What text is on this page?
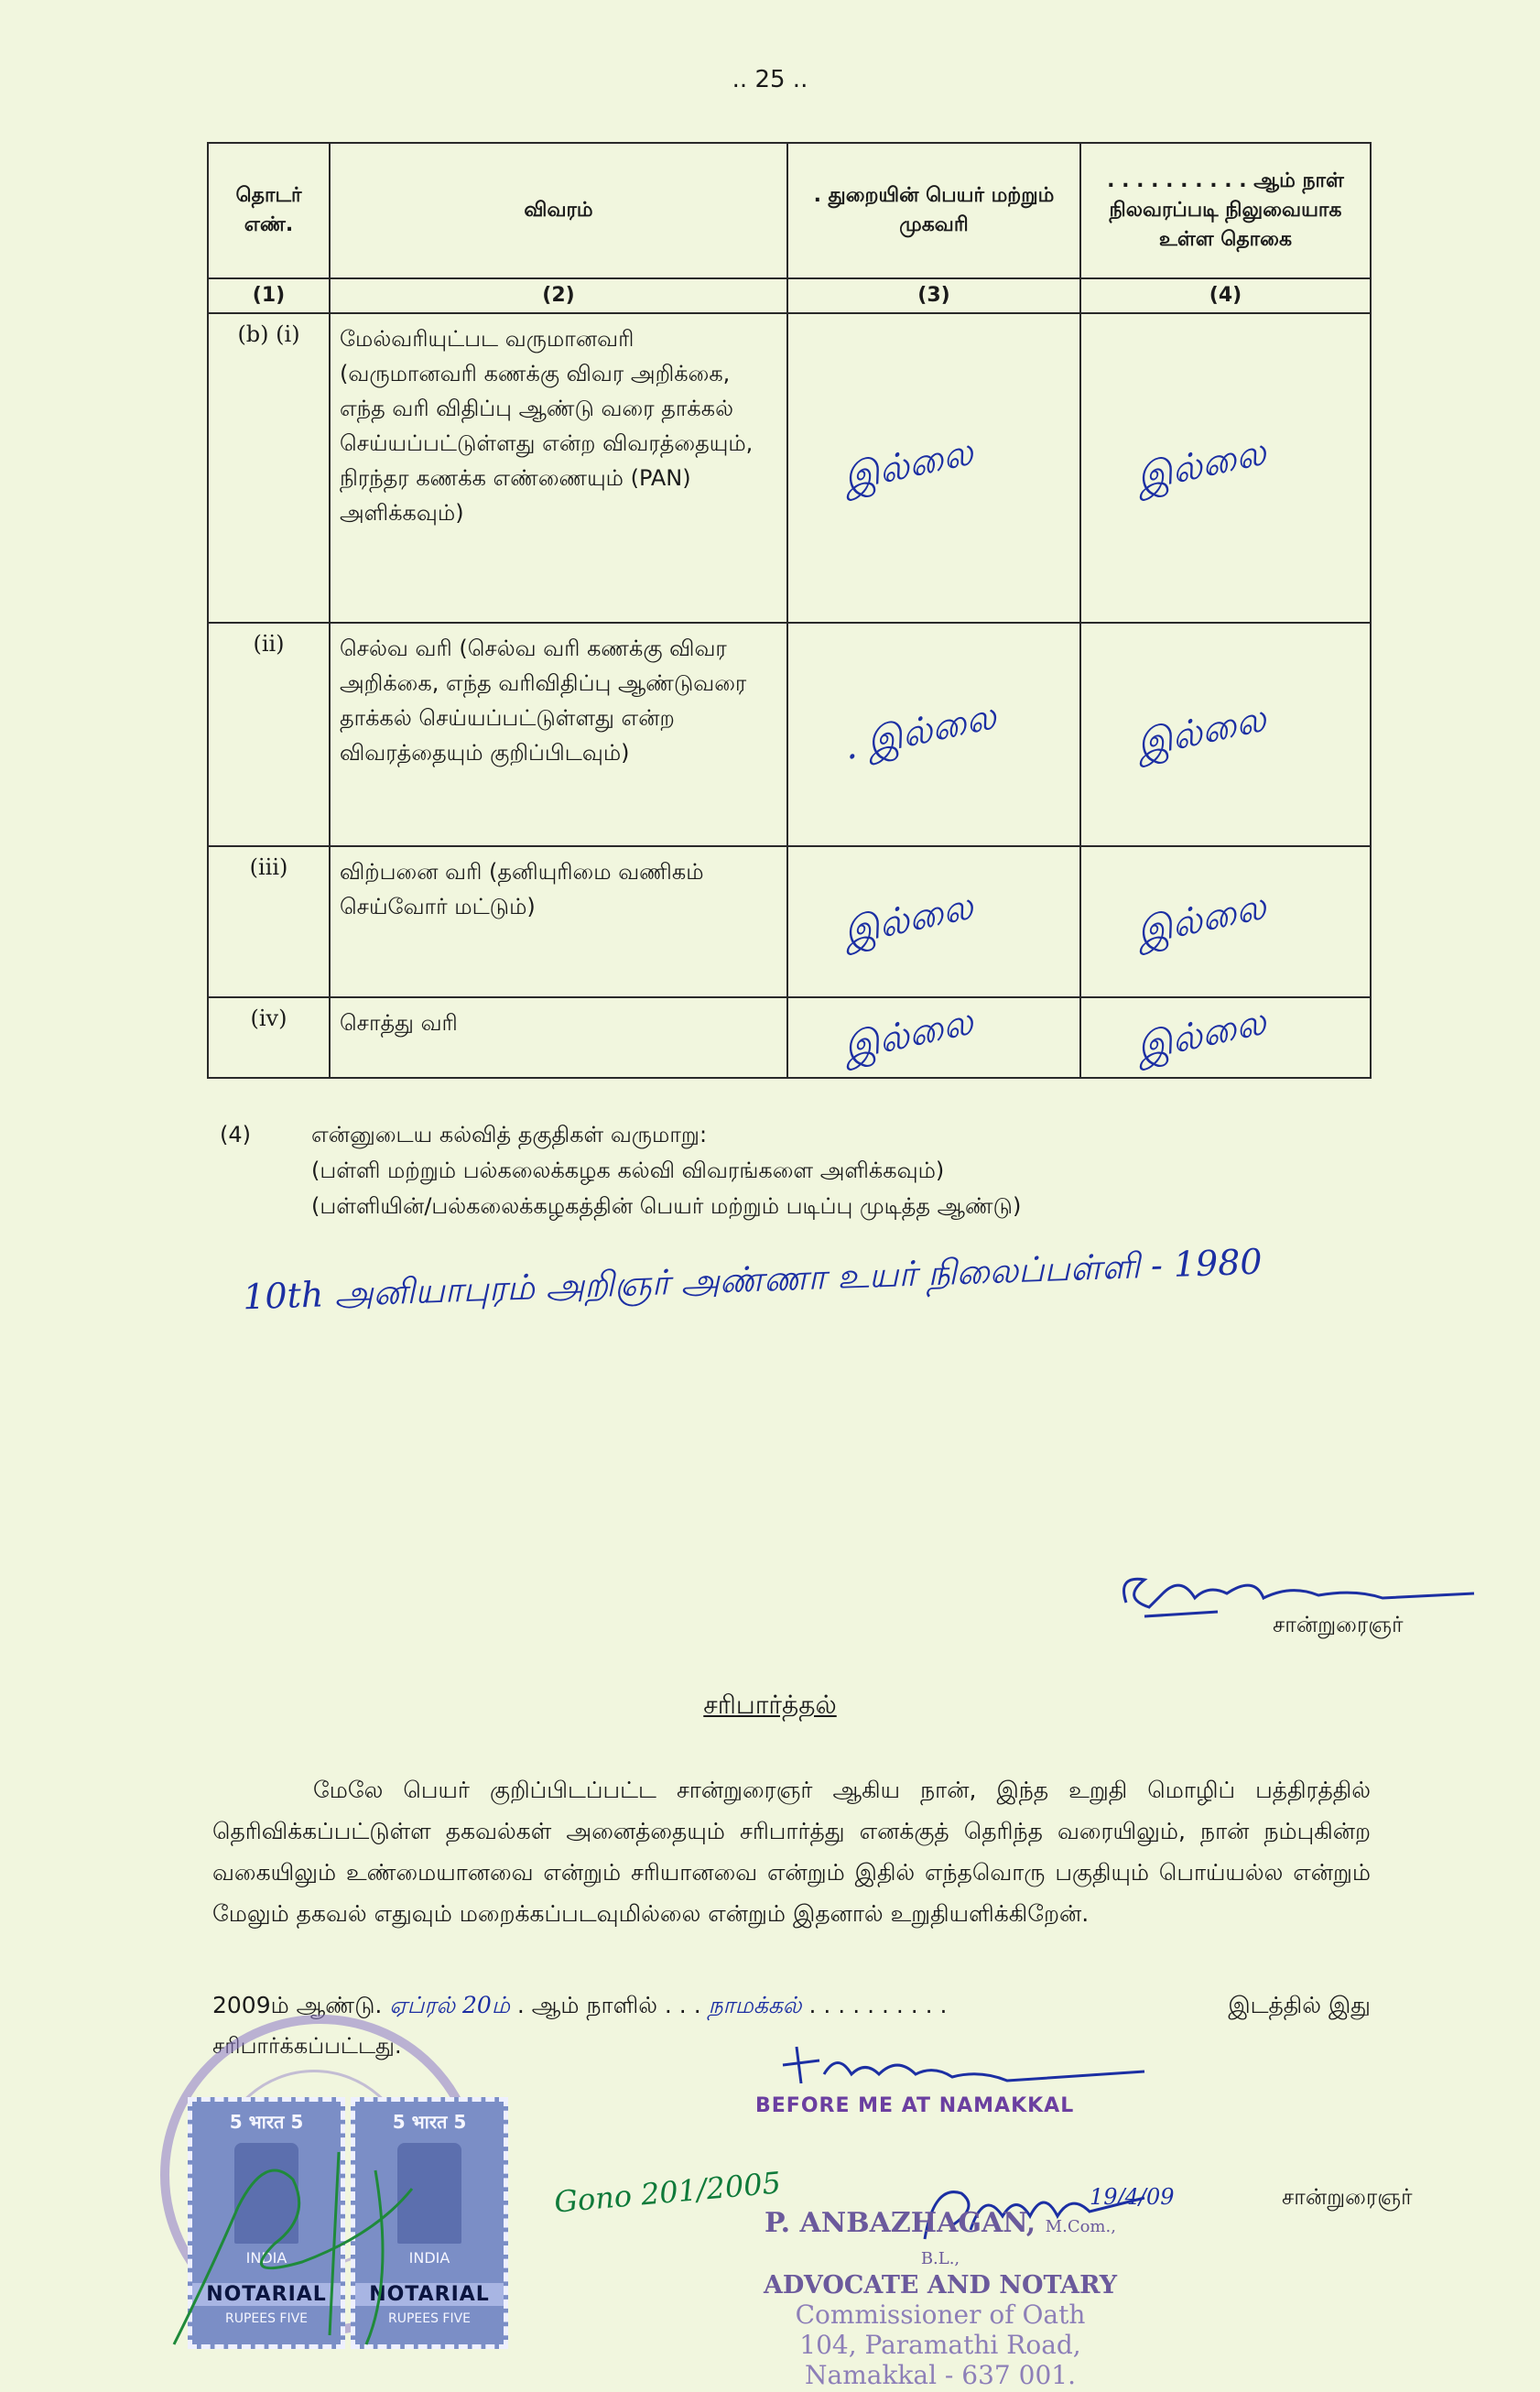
.. 25 ..
தொடர் எண்.	விவரம்	. துறையின் பெயர் மற்றும் முகவரி	. . . . . . . . . . ஆம் நாள் நிலவரப்படி நிலுவையாக உள்ள தொகை
(1)	(2)	(3)	(4)
(b) (i)	மேல்வரியுட்பட வருமானவரி (வருமானவரி கணக்கு விவர அறிக்கை, எந்த வரி விதிப்பு ஆண்டு வரை தாக்கல் செய்யப்பட்டுள்ளது என்ற விவரத்தையும், நிரந்தர கணக்க எண்ணையும் (PAN) அளிக்கவும்)	இல்லை	இல்லை

(ii)	செல்வ வரி (செல்வ வரி கணக்கு விவர அறிக்கை, எந்த வரிவிதிப்பு ஆண்டுவரை தாக்கல் செய்யப்பட்டுள்ளது என்ற விவரத்தையும் குறிப்பிடவும்)	. இல்லை	இல்லை

(iii)	விற்பனை வரி (தனியுரிமை வணிகம் செய்வோர் மட்டும்)	இல்லை	இல்லை

(iv)	சொத்து வரி	இல்லை	இல்லை
(4)	என்னுடைய கல்வித் தகுதிகள் வருமாறு:
(பள்ளி மற்றும் பல்கலைக்கழக கல்வி விவரங்களை அளிக்கவும்)
(பள்ளியின்/பல்கலைக்கழகத்தின் பெயர் மற்றும் படிப்பு முடித்த ஆண்டு)
10th அனியாபுரம் அறிஞர் அண்ணா உயர் நிலைப்பள்ளி - 1980
சான்றுரைஞர்
சரிபார்த்தல்
மேலே பெயர் குறிப்பிடப்பட்ட சான்றுரைஞர் ஆகிய நான், இந்த உறுதி மொழிப் பத்திரத்தில் தெரிவிக்கப்பட்டுள்ள தகவல்கள் அனைத்தையும் சரிபார்த்து எனக்குத் தெரிந்த வரையிலும், நான் நம்புகின்ற வகையிலும் உண்மையானவை என்றும் சரியானவை என்றும் இதில் எந்தவொரு பகுதியும் பொய்யல்ல என்றும் மேலும் தகவல் எதுவும் மறைக்கப்படவுமில்லை என்றும் இதனால் உறுதியளிக்கிறேன்.
2009ம் ஆண்டு. ஏப்ரல் 20ம் . ஆம் நாளில் . . . நாமக்கல் . . . . . . . . . .	இடத்தில் இது
சரிபார்க்கப்பட்டது.
BEFORE ME AT NAMAKKAL
5 भारत 5
INDIA
NOTARIAL
RUPEES FIVE
5 भारत 5
INDIA
NOTARIAL
RUPEES FIVE
Gono 201/2005	19/4/09	சான்றுரைஞர்
P. ANBAZHAGAN, M.Com., B.L.,
ADVOCATE AND NOTARY
Commissioner of Oath
104, Paramathi Road,
Namakkal - 637 001.
